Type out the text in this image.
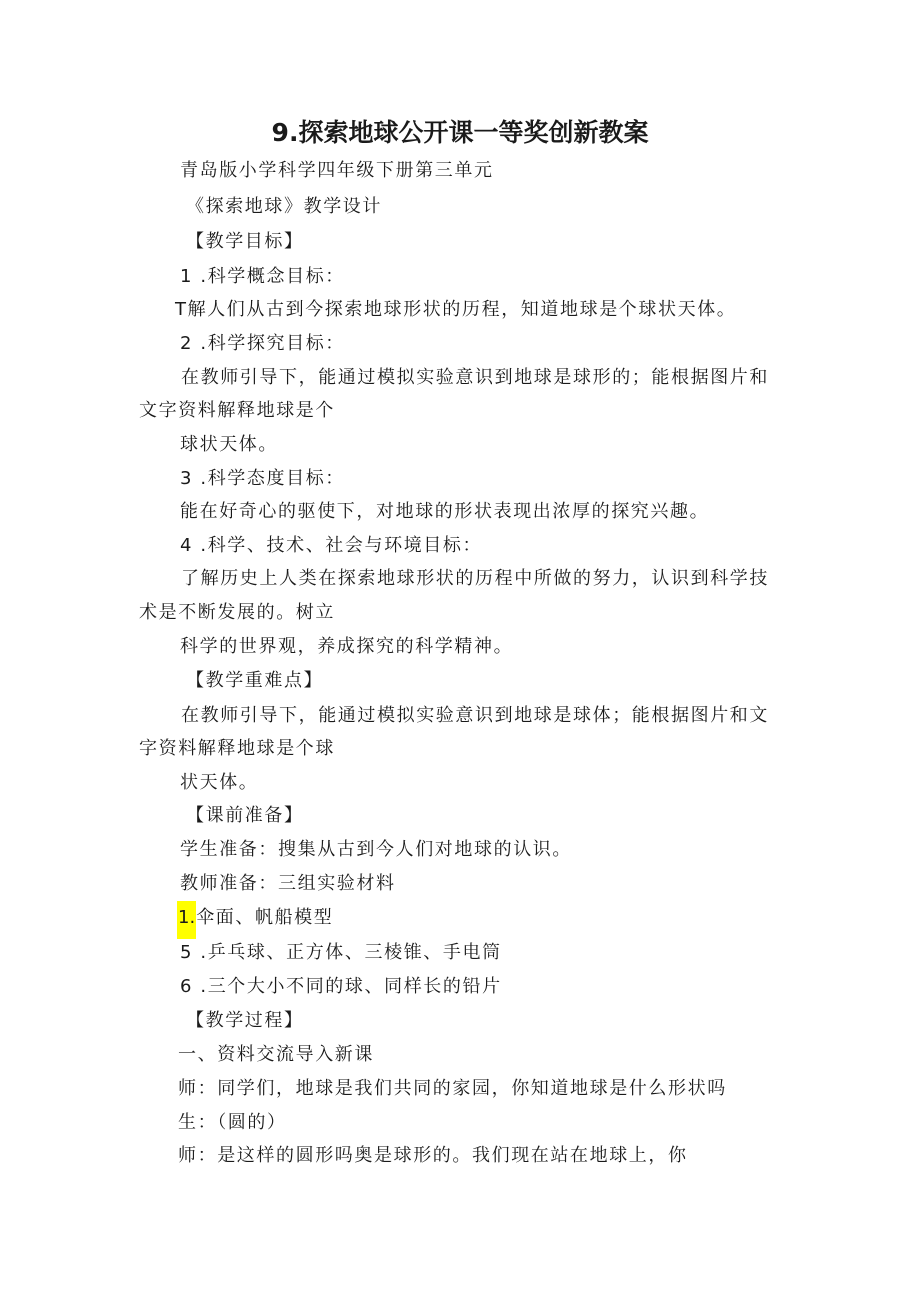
9.探索地球公开课一等奖创新教案
青岛版小学科学四年级下册第三单元
《探索地球》教学设计
【教学目标】
1 .科学概念目标：
T解人们从古到今探索地球形状的历程，知道地球是个球状天体。
2 .科学探究目标：
在教师引导下，能通过模拟实验意识到地球是球形的；能根据图片和
文字资料解释地球是个
球状天体。
3 .科学态度目标：
能在好奇心的驱使下，对地球的形状表现出浓厚的探究兴趣。
4 .科学、技术、社会与环境目标：
了解历史上人类在探索地球形状的历程中所做的努力，认识到科学技
术是不断发展的。树立
科学的世界观，养成探究的科学精神。
【教学重难点】
在教师引导下，能通过模拟实验意识到地球是球体；能根据图片和文
字资料解释地球是个球
状天体。
【课前准备】
学生准备：搜集从古到今人们对地球的认识。
教师准备：三组实验材料
1.伞面、帆船模型
5 .乒乓球、正方体、三棱锥、手电筒
6 .三个大小不同的球、同样长的铅片
【教学过程】
一、资料交流导入新课
师：同学们，地球是我们共同的家园，你知道地球是什么形状吗
生：（圆的）
师：是这样的圆形吗奥是球形的。我们现在站在地球上，你
